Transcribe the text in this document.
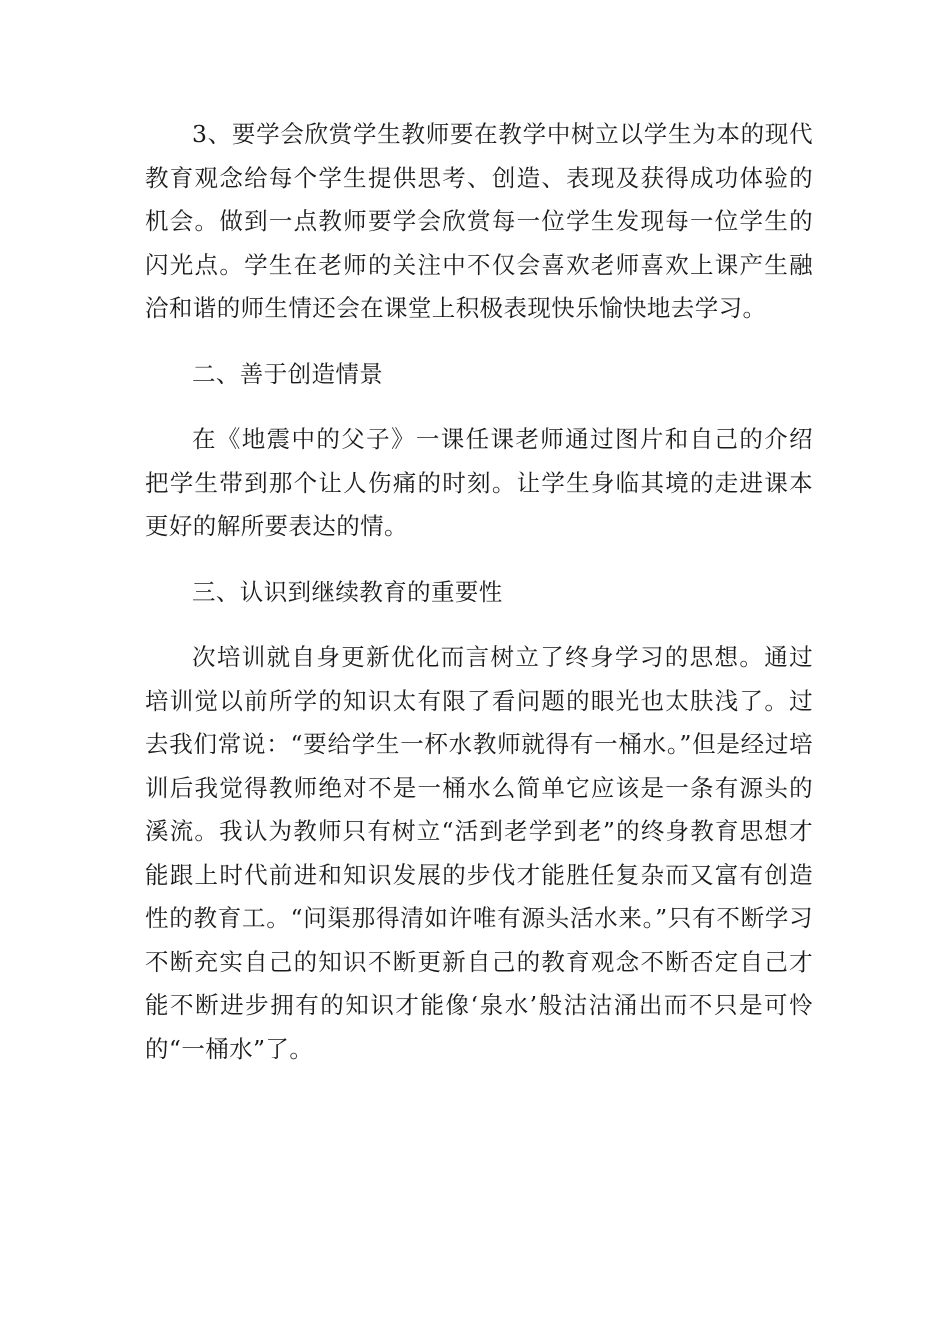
3、要学会欣赏学生教师要在教学中树立以学生为本的现代教育观念给每个学生提供思考、创造、表现及获得成功体验的机会。做到一点教师要学会欣赏每一位学生发现每一位学生的闪光点。学生在老师的关注中不仅会喜欢老师喜欢上课产生融洽和谐的师生情还会在课堂上积极表现快乐愉快地去学习。

二、善于创造情景

在《地震中的父子》一课任课老师通过图片和自己的介绍把学生带到那个让人伤痛的时刻。让学生身临其境的走进课本更好的解所要表达的情。

三、认识到继续教育的重要性

次培训就自身更新优化而言树立了终身学习的思想。通过培训觉以前所学的知识太有限了看问题的眼光也太肤浅了。过去我们常说：“要给学生一杯水教师就得有一桶水。”但是经过培训后我觉得教师绝对不是一桶水么简单它应该是一条有源头的溪流。我认为教师只有树立“活到老学到老”的终身教育思想才能跟上时代前进和知识发展的步伐才能胜任复杂而又富有创造性的教育工。“问渠那得清如许唯有源头活水来。”只有不断学习不断充实自己的知识不断更新自己的教育观念不断否定自己才能不断进步拥有的知识才能像‘泉水’般沽沽涌出而不只是可怜的“一桶水”了。
